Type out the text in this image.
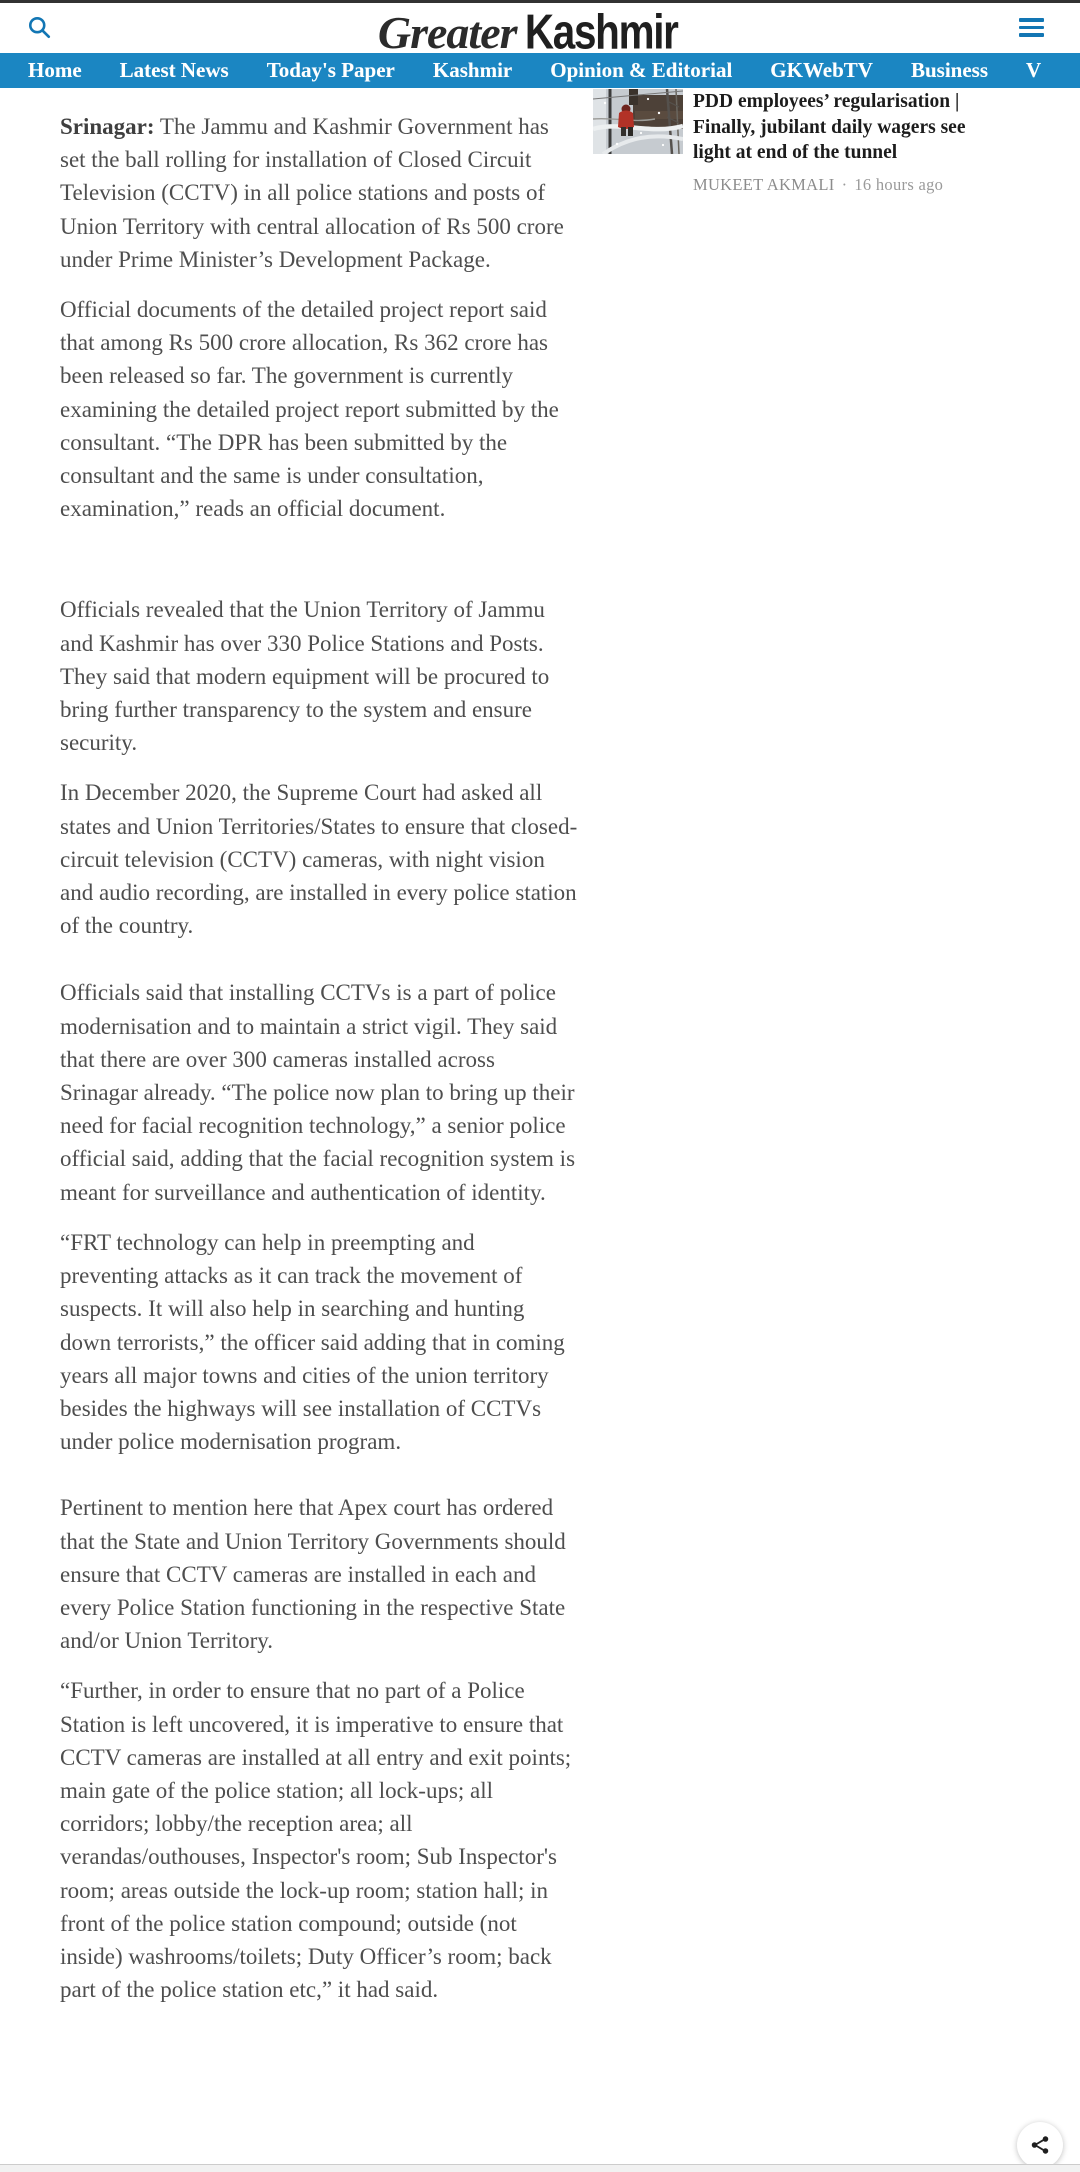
Greater Kashmir
Home Latest News Today's Paper Kashmir Opinion & Editorial GKWebTV Business V

Srinagar: The Jammu and Kashmir Government has set the ball rolling for installation of Closed Circuit Television (CCTV) in all police stations and posts of Union Territory with central allocation of Rs 500 crore under Prime Minister’s Development Package.

Official documents of the detailed project report said that among Rs 500 crore allocation, Rs 362 crore has been released so far. The government is currently examining the detailed project report submitted by the consultant. “The DPR has been submitted by the consultant and the same is under consultation, examination,” reads an official document.

Officials revealed that the Union Territory of Jammu and Kashmir has over 330 Police Stations and Posts. They said that modern equipment will be procured to bring further transparency to the system and ensure security.

In December 2020, the Supreme Court had asked all states and Union Territories/States to ensure that closed-circuit television (CCTV) cameras, with night vision and audio recording, are installed in every police station of the country.

Officials said that installing CCTVs is a part of police modernisation and to maintain a strict vigil. They said that there are over 300 cameras installed across Srinagar already. “The police now plan to bring up their need for facial recognition technology,” a senior police official said, adding that the facial recognition system is meant for surveillance and authentication of identity.

“FRT technology can help in preempting and preventing attacks as it can track the movement of suspects. It will also help in searching and hunting down terrorists,” the officer said adding that in coming years all major towns and cities of the union territory besides the highways will see installation of CCTVs under police modernisation program.

Pertinent to mention here that Apex court has ordered that the State and Union Territory Governments should ensure that CCTV cameras are installed in each and every Police Station functioning in the respective State and/or Union Territory.

“Further, in order to ensure that no part of a Police Station is left uncovered, it is imperative to ensure that CCTV cameras are installed at all entry and exit points; main gate of the police station; all lock-ups; all corridors; lobby/the reception area; all verandas/outhouses, Inspector's room; Sub Inspector's room; areas outside the lock-up room; station hall; in front of the police station compound; outside (not inside) washrooms/toilets; Duty Officer’s room; back part of the police station etc,” it had said.

PDD employees’ regularisation | Finally, jubilant daily wagers see light at end of the tunnel
MUKEET AKMALI · 16 hours ago
